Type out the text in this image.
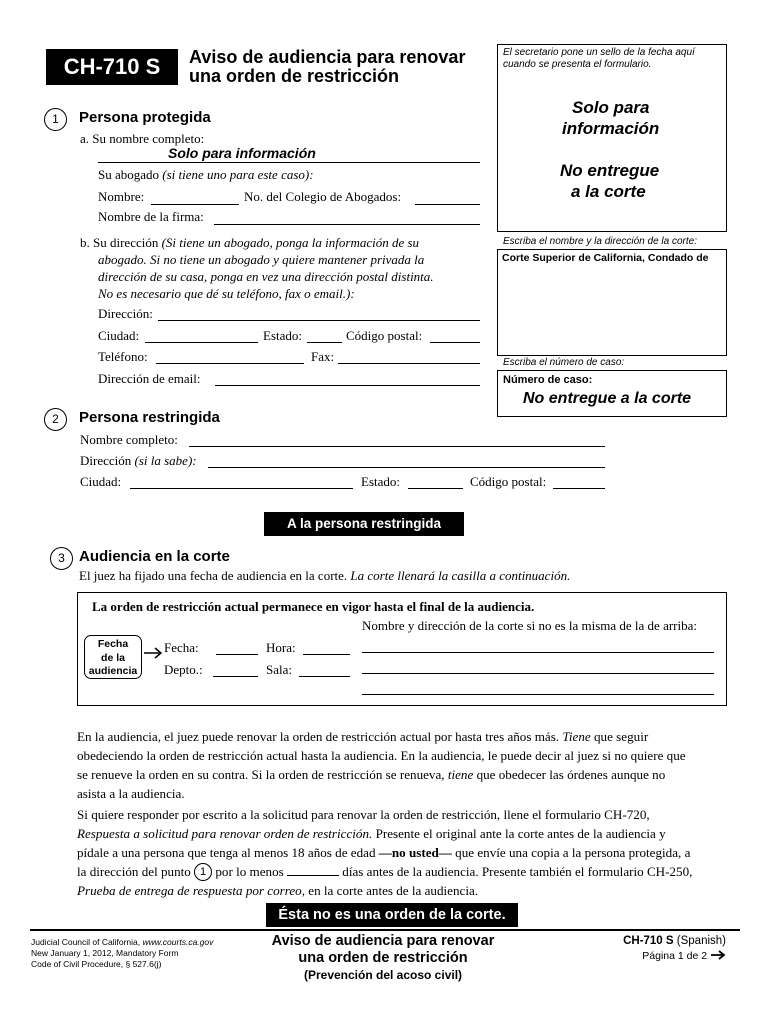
CH-710 S	Aviso de audiencia para renovar
una orden de restricción
El secretario pone un sello de la fecha aquí
cuando se presenta el formulario.
Solo para
información
No entregue
a la corte
Escriba el nombre y la dirección de la corte:
Corte Superior de California, Condado de
Escriba el número de caso:
Número de caso:
No entregue a la corte
1	Persona protegida
a. Su nombre completo:
Solo para información
Su abogado (si tiene uno para este caso):
Nombre:	No. del Colegio de Abogados:
Nombre de la firma:
b. Su dirección (Si tiene un abogado, ponga la información de su
abogado. Si no tiene un abogado y quiere mantener privada la
dirección de su casa, ponga en vez una dirección postal distinta.
No es necesario que dé su teléfono, fax o email.):
Dirección:
Ciudad:	Estado:	Código postal:
Teléfono:	Fax:
Dirección de email:
2	Persona restringida
Nombre completo:
Dirección (si la sabe):
Ciudad:	Estado:	Código postal:
A la persona restringida
3 Audiencia en la corte
El juez ha fijado una fecha de audiencia en la corte. La corte llenará la casilla a continuación.
La orden de restricción actual permanece en vigor hasta el final de la audiencia.
Nombre y dirección de la corte si no es la misma de la de arriba:
Fecha
de la
audiencia
Fecha:	Hora:
Depto.:	Sala:
En la audiencia, el juez puede renovar la orden de restricción actual por hasta tres años más. Tiene que seguir
obedeciendo la orden de restricción actual hasta la audiencia. En la audiencia, le puede decir al juez si no quiere que
se renueve la orden en su contra. Si la orden de restricción se renueva, tiene que obedecer las órdenes aunque no
asista a la audiencia.
Si quiere responder por escrito a la solicitud para renovar la orden de restricción, llene el formulario CH-720,
Respuesta a solicitud para renovar orden de restricción. Presente el original ante la corte antes de la audiencia y
pídale a una persona que tenga al menos 18 años de edad —no usted— que envíe una copia a la persona protegida, a
la dirección del punto 1 por lo menos	días antes de la audiencia. Presente también el formulario CH-250,
Prueba de entrega de respuesta por correo, en la corte antes de la audiencia.
Ésta no es una orden de la corte.
Judicial Council of California, www.courts.ca.gov
New January 1, 2012, Mandatory Form
Code of Civil Procedure, § 527.6(j)
Aviso de audiencia para renovar
una orden de restricción
(Prevención del acoso civil)
CH-710 S (Spanish)
Página 1 de 2
